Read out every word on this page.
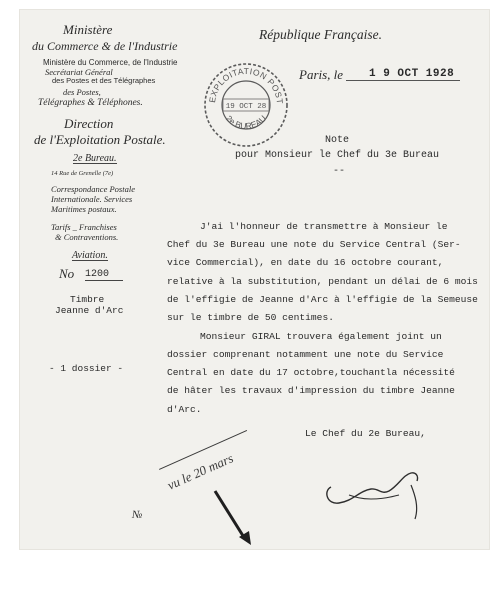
Ministère
du Commerce & de l'Industrie
Ministère du Commerce, de l'Industrie
Secrétariat Général
des Postes et des Télégraphes
des Postes,
Télégraphes & Téléphones.
Direction
de l'Exploitation Postale.
2e Bureau.
14 Rue de Grenelle (7e)
Correspondance Postale
Internationale. Services
Maritimes postaux.
Tarifs _ Franchises
& Contraventions.
Aviation.
No 1200
République Française.
Paris, le 1 9 OCT 1928
EXPLOITATION POST
2e BUREAU
19 OCT 28
Note
pour Monsieur le Chef du 3e Bureau
--
Timbre
Jeanne d'Arc
- 1 dossier -
J'ai l'honneur de transmettre à Monsieur le
Chef du 3e Bureau une note du Service Central (Ser-
vice Commercial), en date du 16 octobre courant,
relative à la substitution, pendant un délai de 6 mois
de l'effigie de Jeanne d'Arc à l'effigie de la Semeuse
sur le timbre de 50 centimes.
Monsieur GIRAL trouvera également joint un
dossier comprenant notamment une note du Service
Central en date du 17 octobre,touchantla nécessité
de hâter les travaux d'impression du timbre Jeanne
d'Arc.
Le Chef du 2e Bureau,
vu le 20 mars
№
